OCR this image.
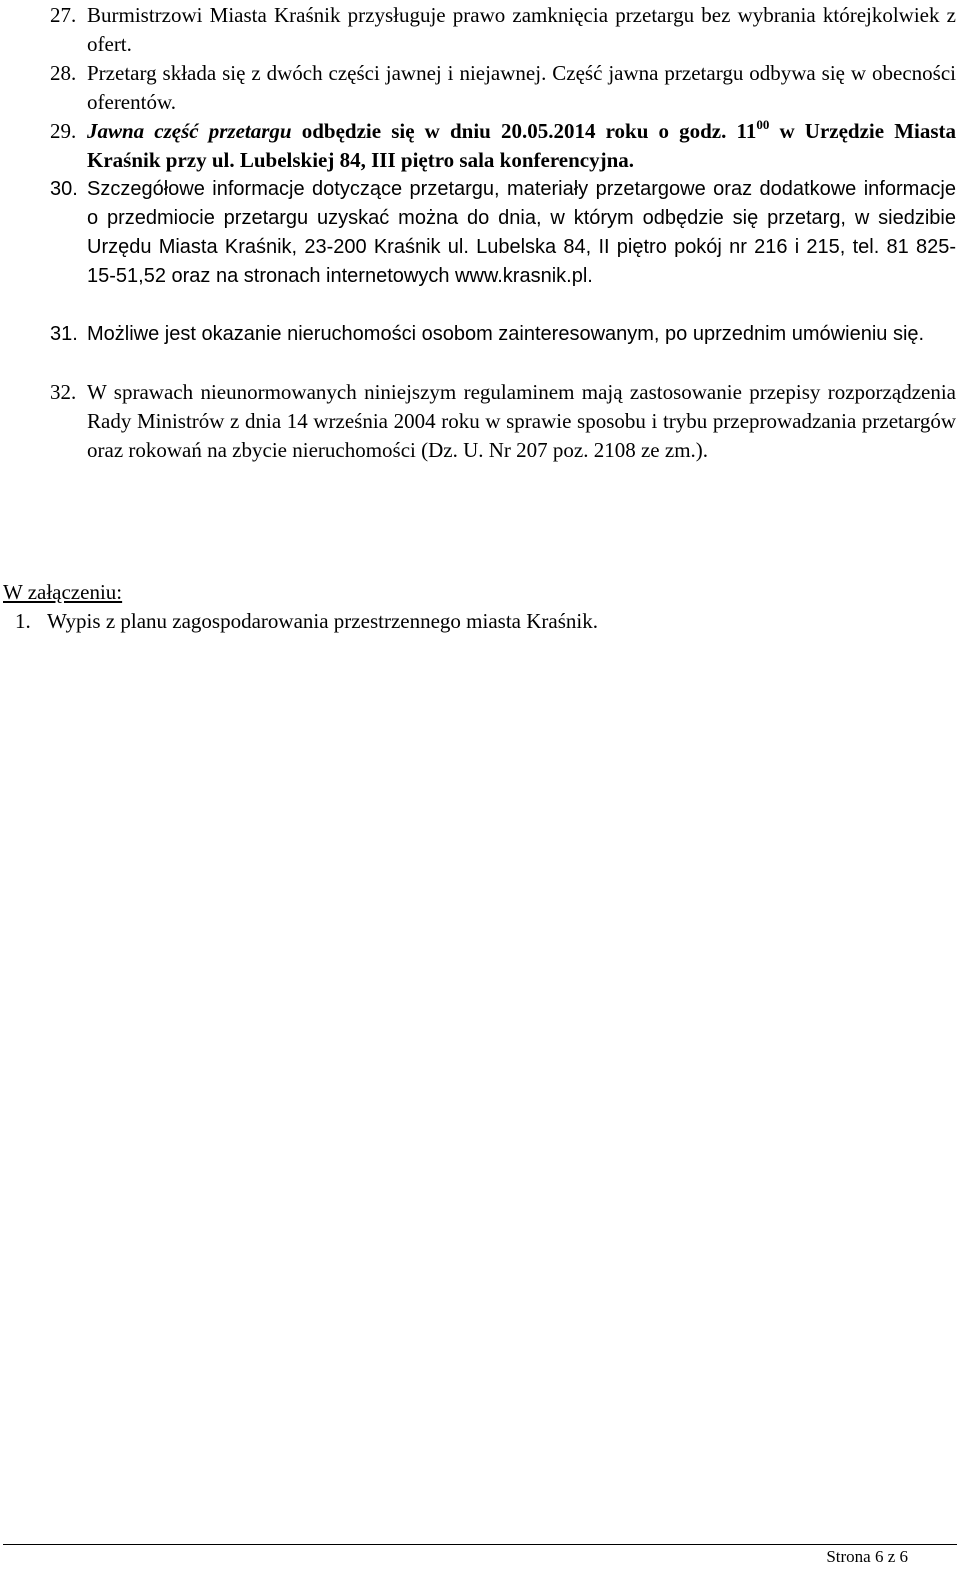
27. Burmistrzowi Miasta Kraśnik przysługuje prawo zamknięcia przetargu bez wybrania którejkolwiek z ofert.
28. Przetarg składa się z dwóch części jawnej i niejawnej. Część jawna przetargu odbywa się w obecności oferentów.
29. Jawna część przetargu odbędzie się w dniu 20.05.2014 roku o godz. $11^{00}$ w Urzędzie Miasta Kraśnik przy ul. Lubelskiej 84, III piętro sala konferencyjna.
30. Szczegółowe informacje dotyczące przetargu, materiały przetargowe oraz dodatkowe informacje o przedmiocie przetargu uzyskać można do dnia, w którym odbędzie się przetarg, w siedzibie Urzędu Miasta Kraśnik, 23-200 Kraśnik ul. Lubelska 84, II piętro pokój nr 216 i 215, tel. 81 825-15-51,52 oraz na stronach internetowych www.krasnik.pl.
31. Możliwe jest okazanie nieruchomości osobom zainteresowanym, po uprzednim umówieniu się.
32. W sprawach nieunormowanych niniejszym regulaminem mają zastosowanie przepisy rozporządzenia Rady Ministrów z dnia 14 września 2004 roku w sprawie sposobu i trybu przeprowadzania przetargów oraz rokowań na zbycie nieruchomości (Dz. U. Nr 207 poz. 2108 ze zm.).
W załączeniu:
1. Wypis z planu zagospodarowania przestrzennego miasta Kraśnik.
Strona 6 z 6
